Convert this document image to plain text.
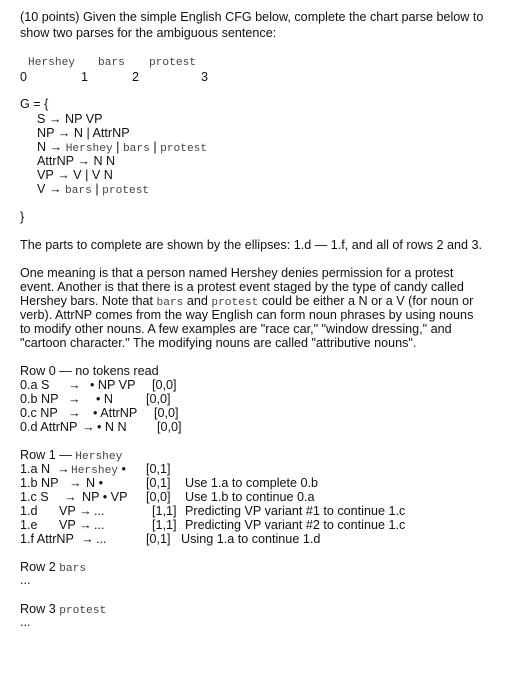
(10 points) Given the simple English CFG below, complete the chart parse below to
show two parses for the ambiguous sentence:
Hershey bars protest
0	1	2	3
G = {
S → NP VP
NP → N | AttrNP
N → Hershey | bars | protest
AttrNP → N N
VP → V | V N
V → bars | protest
}
The parts to complete are shown by the ellipses: 1.d — 1.f, and all of rows 2 and 3.
One meaning is that a person named Hershey denies permission for a protest
event. Another is that there is a protest event staged by the type of candy called
Hershey bars. Note that bars and protest could be either a N or a V (for noun or
verb). AttrNP comes from the way English can form noun phrases by using nouns
to modify other nouns. A few examples are "race car," "window dressing," and
"cartoon character." The modifying nouns are called "attributive nouns".
Row 0 — no tokens read
0.a S → • NP VP [0,0]
0.b NP → • N	[0,0]
0.c NP → • AttrNP [0,0]
0.d AttrNP → • N N [0,0]
Row 1 — Hershey
1.a N → Hershey • [0,1]
1.b NP → N •	[0,1] Use 1.a to complete 0.b
1.c S → NP • VP [0,0] Use 1.b to continue 0.a
1.d VP → ...	[1,1] Predicting VP variant #1 to continue 1.c
1.e VP → ...	[1,1] Predicting VP variant #2 to continue 1.c
1.f AttrNP → ...	[0,1] Using 1.a to continue 1.d
Row 2 bars
...
Row 3 protest
...
